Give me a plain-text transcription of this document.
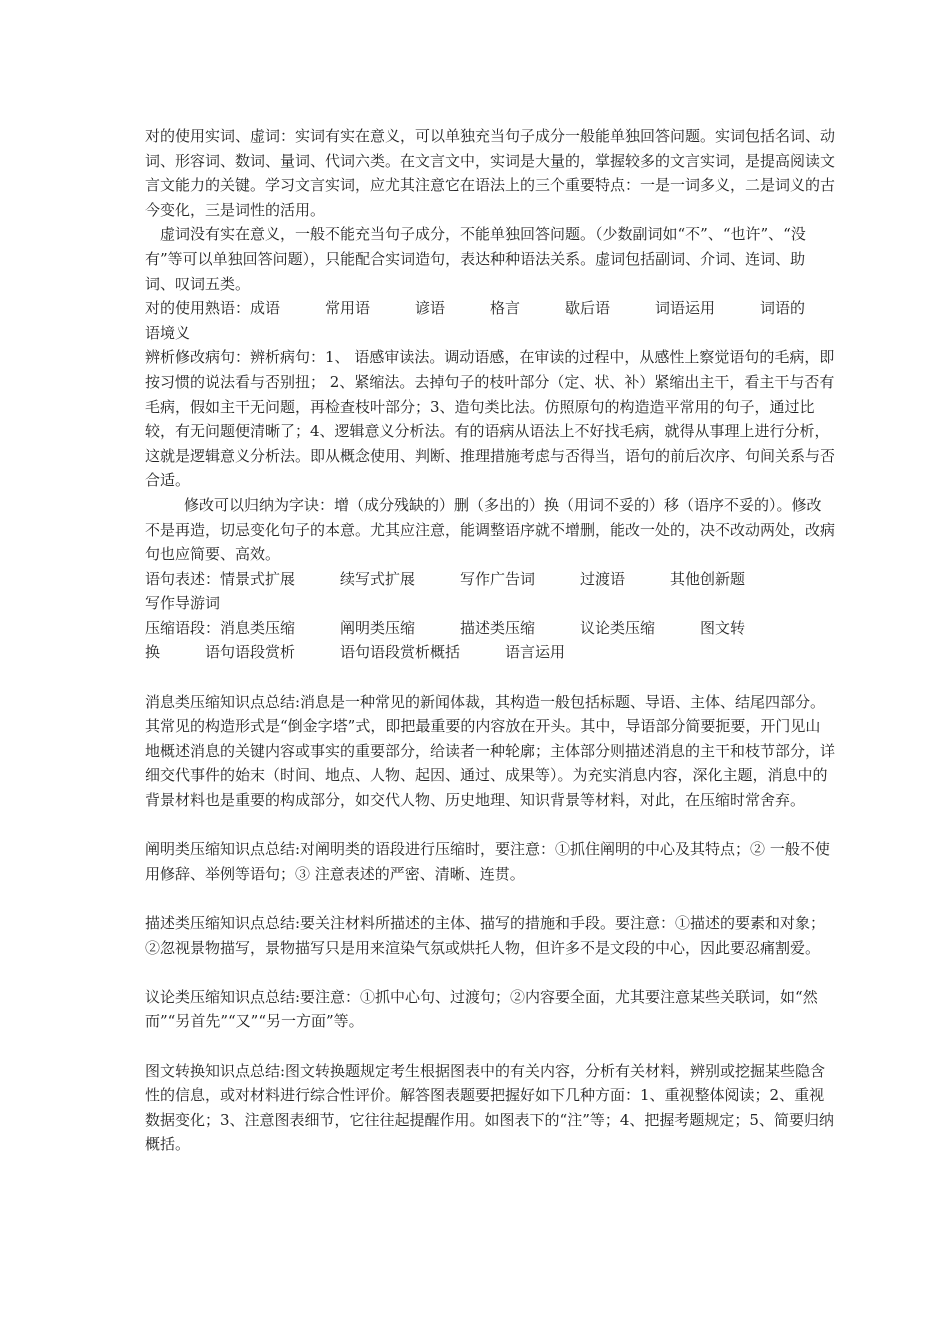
对的使用实词、虚词：实词有实在意义，可以单独充当句子成分一般能单独回答问题。实词包括名词、动词、形容词、数词、量词、代词六类。在文言文中，实词是大量的，掌握较多的文言实词，是提高阅读文言文能力的关键。学习文言实词，应尤其注意它在语法上的三个重要特点：一是一词多义，二是词义的古今变化，三是词性的活用。

虚词没有实在意义，一般不能充当句子成分，不能单独回答问题。（少数副词如“不”、“也许”、“没有”等可以单独回答问题），只能配合实词造句，表达种种语法关系。虚词包括副词、介词、连词、助词、叹词五类。

对的使用熟语：成语　　　常用语　　　谚语　　　格言　　　歇后语　　　词语运用　　　词语的

语境义

辨析修改病句：辨析病句：1、 语感审读法。调动语感，在审读的过程中，从感性上察觉语句的毛病，即按习惯的说法看与否别扭； 2、紧缩法。去掉句子的枝叶部分（定、状、补）紧缩出主干，看主干与否有毛病，假如主干无问题，再检查枝叶部分；3、造句类比法。仿照原句的构造造平常用的句子，通过比较，有无问题便清晰了；4、逻辑意义分析法。有的语病从语法上不好找毛病，就得从事理上进行分析，这就是逻辑意义分析法。即从概念使用、判断、推理措施考虑与否得当，语句的前后次序、句间关系与否合适。

修改可以归纳为字诀：增（成分残缺的）删（多出的）换（用词不妥的）移（语序不妥的）。修改不是再造，切忌变化句子的本意。尤其应注意，能调整语序就不增删，能改一处的，决不改动两处，改病句也应简要、高效。

语句表述：情景式扩展　　　续写式扩展　　　写作广告词　　　过渡语　　　其他创新题

写作导游词

压缩语段：消息类压缩　　　阐明类压缩　　　描述类压缩　　　议论类压缩　　　图文转

换　　　语句语段赏析　　　语句语段赏析概括　　　语言运用

消息类压缩知识点总结:消息是一种常见的新闻体裁，其构造一般包括标题、导语、主体、结尾四部分。其常见的构造形式是“倒金字塔”式，即把最重要的内容放在开头。其中，导语部分简要扼要，开门见山地概述消息的关键内容或事实的重要部分，给读者一种轮廓；主体部分则描述消息的主干和枝节部分，详细交代事件的始末（时间、地点、人物、起因、通过、成果等）。为充实消息内容，深化主题，消息中的背景材料也是重要的构成部分，如交代人物、历史地理、知识背景等材料，对此，在压缩时常舍弃。

阐明类压缩知识点总结:对阐明类的语段进行压缩时，要注意：①抓住阐明的中心及其特点；② 一般不使用修辞、举例等语句；③ 注意表述的严密、清晰、连贯。

描述类压缩知识点总结:要关注材料所描述的主体、描写的措施和手段。要注意：①描述的要素和对象；②忽视景物描写，景物描写只是用来渲染气氛或烘托人物，但许多不是文段的中心，因此要忍痛割爱。

议论类压缩知识点总结:要注意：①抓中心句、过渡句；②内容要全面，尤其要注意某些关联词，如“然而”“另首先”“又”“另一方面”等。

图文转换知识点总结:图文转换题规定考生根据图表中的有关内容，分析有关材料，辨别或挖掘某些隐含性的信息，或对材料进行综合性评价。解答图表题要把握好如下几种方面：1、重视整体阅读；2、重视数据变化；3、注意图表细节，它往往起提醒作用。如图表下的“注”等；4、把握考题规定；5、简要归纳概括。
